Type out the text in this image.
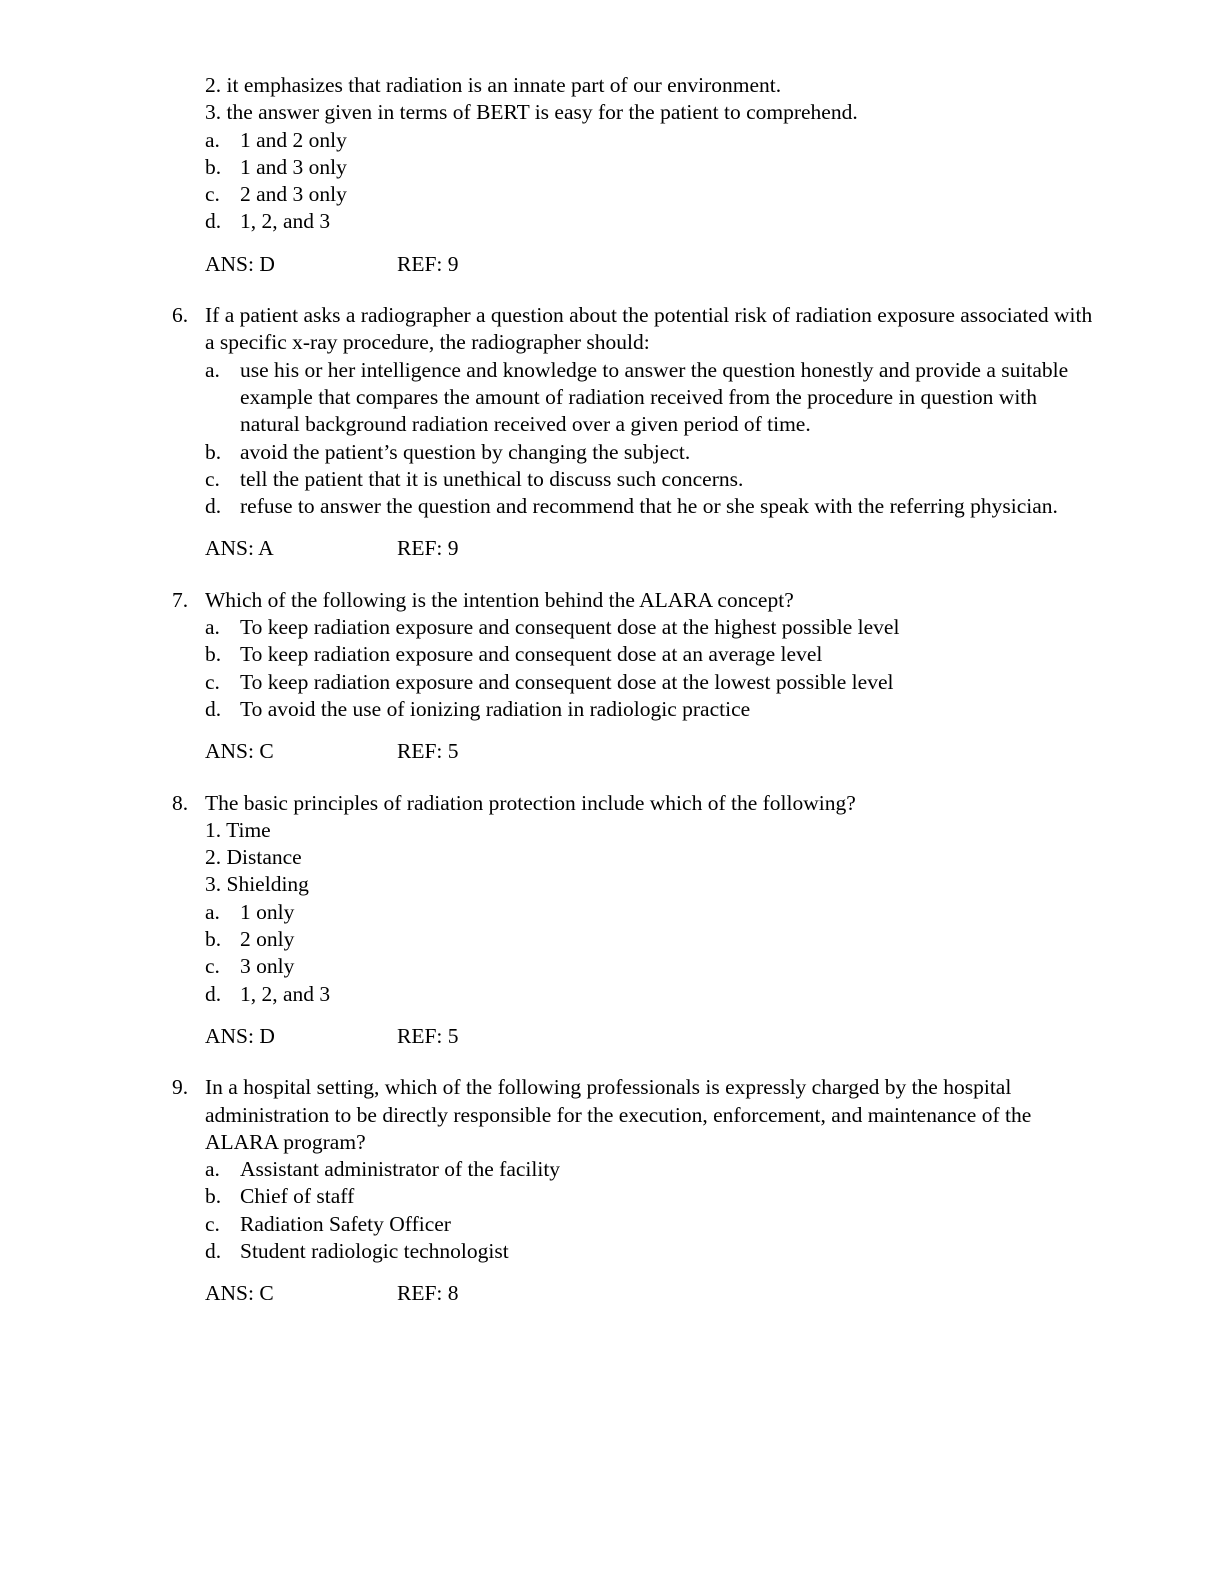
2. it emphasizes that radiation is an innate part of our environment.
3. the answer given in terms of BERT is easy for the patient to comprehend.
a. 1 and 2 only
b. 1 and 3 only
c. 2 and 3 only
d. 1, 2, and 3
ANS: D	REF: 9
6. If a patient asks a radiographer a question about the potential risk of radiation exposure associated with a specific x-ray procedure, the radiographer should:
a. use his or her intelligence and knowledge to answer the question honestly and provide a suitable example that compares the amount of radiation received from the procedure in question with natural background radiation received over a given period of time.
b. avoid the patient’s question by changing the subject.
c. tell the patient that it is unethical to discuss such concerns.
d. refuse to answer the question and recommend that he or she speak with the referring physician.
ANS: A	REF: 9
7. Which of the following is the intention behind the ALARA concept?
a. To keep radiation exposure and consequent dose at the highest possible level
b. To keep radiation exposure and consequent dose at an average level
c. To keep radiation exposure and consequent dose at the lowest possible level
d. To avoid the use of ionizing radiation in radiologic practice
ANS: C	REF: 5
8. The basic principles of radiation protection include which of the following?
1. Time
2. Distance
3. Shielding
a. 1 only
b. 2 only
c. 3 only
d. 1, 2, and 3
ANS: D	REF: 5
9. In a hospital setting, which of the following professionals is expressly charged by the hospital administration to be directly responsible for the execution, enforcement, and maintenance of the ALARA program?
a. Assistant administrator of the facility
b. Chief of staff
c. Radiation Safety Officer
d. Student radiologic technologist
ANS: C	REF: 8
